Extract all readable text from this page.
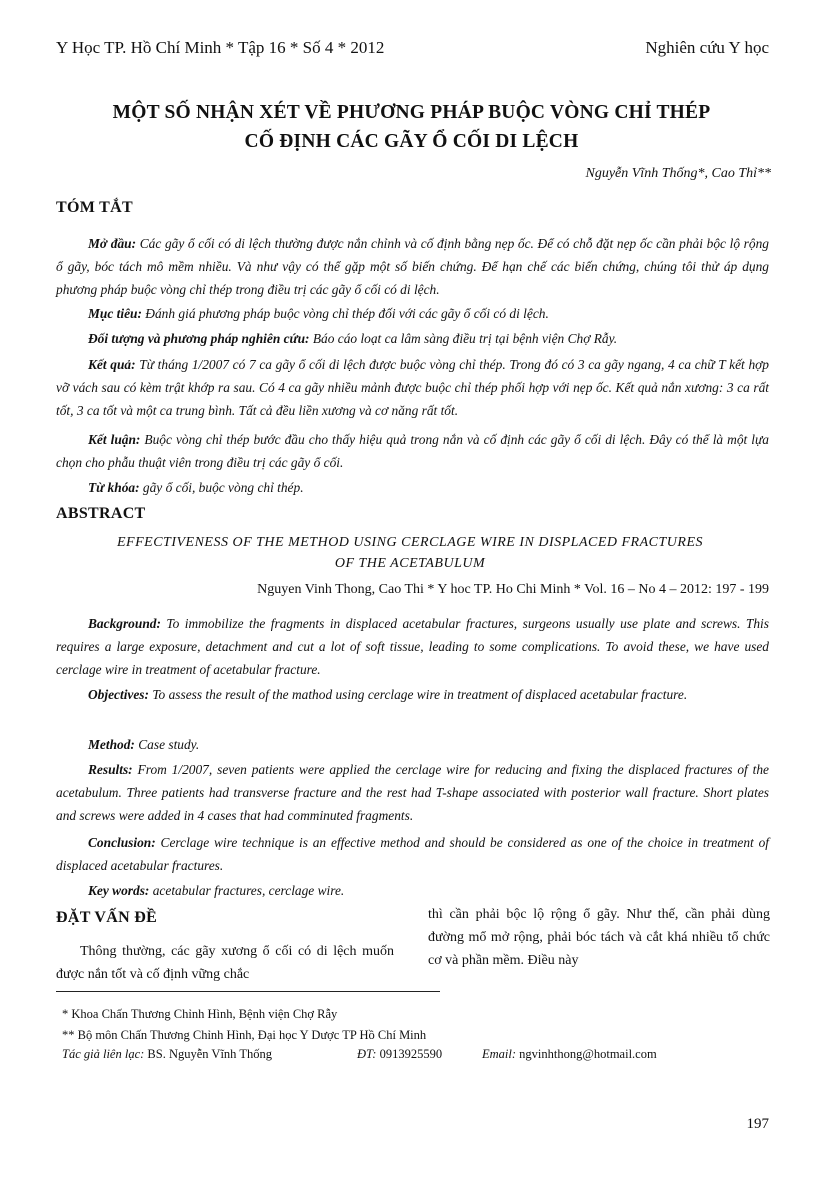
Y Học TP. Hồ Chí Minh * Tập 16 * Số 4 * 2012	Nghiên cứu Y học
MỘT SỐ NHẬN XÉT VỀ PHƯƠNG PHÁP BUỘC VÒNG CHỈ THÉP
CỐ ĐỊNH CÁC GÃY Ổ CỐI DI LỆCH
Nguyễn Vĩnh Thống*, Cao Thỉ**
TÓM TẮT
Mở đầu: Các gãy ổ cối có di lệch thường được nắn chỉnh và cố định bằng nẹp ốc. Để có chỗ đặt nẹp ốc cần phải bộc lộ rộng ổ gãy, bóc tách mô mềm nhiều. Và như vậy có thể gặp một số biến chứng. Để hạn chế các biến chứng, chúng tôi thử áp dụng phương pháp buộc vòng chỉ thép trong điều trị các gãy ổ cối có di lệch.
Mục tiêu: Đánh giá phương pháp buộc vòng chỉ thép đối với các gãy ổ cối có di lệch.
Đối tượng và phương pháp nghiên cứu: Báo cáo loạt ca lâm sàng điều trị tại bệnh viện Chợ Rẫy.
Kết quả: Từ tháng 1/2007 có 7 ca gãy ổ cối di lệch được buộc vòng chỉ thép. Trong đó có 3 ca gãy ngang, 4 ca chữ T kết hợp vỡ vách sau có kèm trật khớp ra sau. Có 4 ca gãy nhiều mảnh được buộc chỉ thép phối hợp với nẹp ốc. Kết quả nắn xương: 3 ca rất tốt, 3 ca tốt và một ca trung bình. Tất cả đều liền xương và cơ năng rất tốt.
Kết luận: Buộc vòng chỉ thép bước đầu cho thấy hiệu quả trong nắn và cố định các gãy ổ cối di lệch. Đây có thể là một lựa chọn cho phẫu thuật viên trong điều trị các gãy ổ cối.
Từ khóa: gãy ổ cối, buộc vòng chỉ thép.
ABSTRACT
EFFECTIVENESS OF THE METHOD USING CERCLAGE WIRE IN DISPLACED FRACTURES
OF THE ACETABULUM
Nguyen Vinh Thong, Cao Thi * Y hoc TP. Ho Chi Minh * Vol. 16 – No 4 – 2012: 197 - 199
Background: To immobilize the fragments in displaced acetabular fractures, surgeons usually use plate and screws. This requires a large exposure, detachment and cut a lot of soft tissue, leading to some complications. To avoid these, we have used cerclage wire in treatment of acetabular fracture.
Objectives: To assess the result of the mathod using cerclage wire in treatment of displaced acetabular fracture.
Method: Case study.
Results: From 1/2007, seven patients were applied the cerclage wire for reducing and fixing the displaced fractures of the acetabulum. Three patients had transverse fracture and the rest had T-shape associated with posterior wall fracture. Short plates and screws were added in 4 cases that had comminuted fragments.
Conclusion: Cerclage wire technique is an effective method and should be considered as one of the choice in treatment of displaced acetabular fractures.
Key words: acetabular fractures, cerclage wire.
ĐẶT VẤN ĐỀ
Thông thường, các gãy xương ổ cối có di lệch muốn được nắn tốt và cố định vững chắc
thì cần phải bộc lộ rộng ổ gãy. Như thế, cần phải dùng đường mổ mở rộng, phải bóc tách và cắt khá nhiều tổ chức cơ và phần mềm. Điều này
* Khoa Chấn Thương Chỉnh Hình, Bệnh viện Chợ Rẫy
** Bộ môn Chấn Thương Chỉnh Hình, Đại học Y Dược TP Hồ Chí Minh
Tác giả liên lạc: BS. Nguyễn Vĩnh Thống	ĐT: 0913925590	Email: ngvinhthong@hotmail.com
197
